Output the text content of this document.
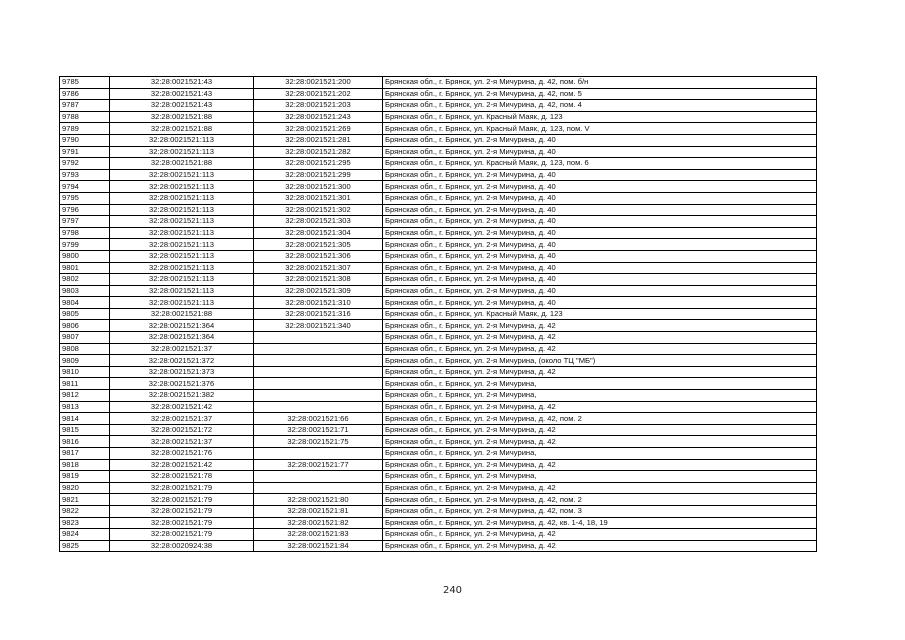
9785	32:28:0021521:43	32:28:0021521:200	Брянская обл., г. Брянск, ул. 2-я Мичурина, д. 42, пом. б/н
9786	32:28:0021521:43	32:28:0021521:202	Брянская обл., г. Брянск, ул. 2-я Мичурина, д. 42, пом. 5
9787	32:28:0021521:43	32:28:0021521:203	Брянская обл., г. Брянск, ул. 2-я Мичурина, д. 42, пом. 4
9788	32:28:0021521:88	32:28:0021521:243	Брянская обл., г. Брянск, ул. Красный Маяк, д. 123
9789	32:28:0021521:88	32:28:0021521:269	Брянская обл., г. Брянск, ул. Красный Маяк, д. 123, пом. V
9790	32:28:0021521:113	32:28:0021521:281	Брянская обл., г. Брянск, ул. 2-я Мичурина, д. 40
9791	32:28:0021521:113	32:28:0021521:282	Брянская обл., г. Брянск, ул. 2-я Мичурина, д. 40
9792	32:28:0021521:88	32:28:0021521:295	Брянская обл., г. Брянск, ул. Красный Маяк, д. 123, пом. 6
9793	32:28:0021521:113	32:28:0021521:299	Брянская обл., г. Брянск, ул. 2-я Мичурина, д. 40
9794	32:28:0021521:113	32:28:0021521:300	Брянская обл., г. Брянск, ул. 2-я Мичурина, д. 40
9795	32:28:0021521:113	32:28:0021521:301	Брянская обл., г. Брянск, ул. 2-я Мичурина, д. 40
9796	32:28:0021521:113	32:28:0021521:302	Брянская обл., г. Брянск, ул. 2-я Мичурина, д. 40
9797	32:28:0021521:113	32:28:0021521:303	Брянская обл., г. Брянск, ул. 2-я Мичурина, д. 40
9798	32:28:0021521:113	32:28:0021521:304	Брянская обл., г. Брянск, ул. 2-я Мичурина, д. 40
9799	32:28:0021521:113	32:28:0021521:305	Брянская обл., г. Брянск, ул. 2-я Мичурина, д. 40
9800	32:28:0021521:113	32:28:0021521:306	Брянская обл., г. Брянск, ул. 2-я Мичурина, д. 40
9801	32:28:0021521:113	32:28:0021521:307	Брянская обл., г. Брянск, ул. 2-я Мичурина, д. 40
9802	32:28:0021521:113	32:28:0021521:308	Брянская обл., г. Брянск, ул. 2-я Мичурина, д. 40
9803	32:28:0021521:113	32:28:0021521:309	Брянская обл., г. Брянск, ул. 2-я Мичурина, д. 40
9804	32:28:0021521:113	32:28:0021521:310	Брянская обл., г. Брянск, ул. 2-я Мичурина, д. 40
9805	32:28:0021521:88	32:28:0021521:316	Брянская обл., г. Брянск, ул. Красный Маяк, д. 123
9806	32:28:0021521:364	32:28:0021521:340	Брянская обл., г. Брянск, ул. 2-я Мичурина, д. 42
9807	32:28:0021521:364		Брянская обл., г. Брянск, ул. 2-я Мичурина, д. 42
9808	32:28:0021521:37		Брянская обл., г. Брянск, ул. 2-я Мичурина, д. 42
9809	32:28:0021521:372		Брянская обл., г. Брянск, ул. 2-я Мичурина, (около ТЦ "МБ")
9810	32:28:0021521:373		Брянская обл., г. Брянск, ул. 2-я Мичурина, д. 42
9811	32:28:0021521:376		Брянская обл., г. Брянск, ул. 2-я Мичурина,
9812	32:28:0021521:382		Брянская обл., г. Брянск, ул. 2-я Мичурина,
9813	32:28:0021521:42		Брянская обл., г. Брянск, ул. 2-я Мичурина, д. 42
9814	32:28:0021521:37	32:28:0021521:66	Брянская обл., г. Брянск, ул. 2-я Мичурина, д. 42, пом. 2
9815	32:28:0021521:72	32:28:0021521:71	Брянская обл., г. Брянск, ул. 2-я Мичурина, д. 42
9816	32:28:0021521:37	32:28:0021521:75	Брянская обл., г. Брянск, ул. 2-я Мичурина, д. 42
9817	32:28:0021521:76		Брянская обл., г. Брянск, ул. 2-я Мичурина,
9818	32:28:0021521:42	32:28:0021521:77	Брянская обл., г. Брянск, ул. 2-я Мичурина, д. 42
9819	32:28:0021521:78		Брянская обл., г. Брянск, ул. 2-я Мичурина,
9820	32:28:0021521:79		Брянская обл., г. Брянск, ул. 2-я Мичурина, д. 42
9821	32:28:0021521:79	32:28:0021521:80	Брянская обл., г. Брянск, ул. 2-я Мичурина, д. 42, пом. 2
9822	32:28:0021521:79	32:28:0021521:81	Брянская обл., г. Брянск, ул. 2-я Мичурина, д. 42, пом. 3
9823	32:28:0021521:79	32:28:0021521:82	Брянская обл., г. Брянск, ул. 2-я Мичурина, д. 42, кв. 1-4, 18, 19
9824	32:28:0021521:79	32:28:0021521:83	Брянская обл., г. Брянск, ул. 2-я Мичурина, д. 42
9825	32:28:0020924:38	32:28:0021521:84	Брянская обл., г. Брянск, ул. 2-я Мичурина, д. 42
240
